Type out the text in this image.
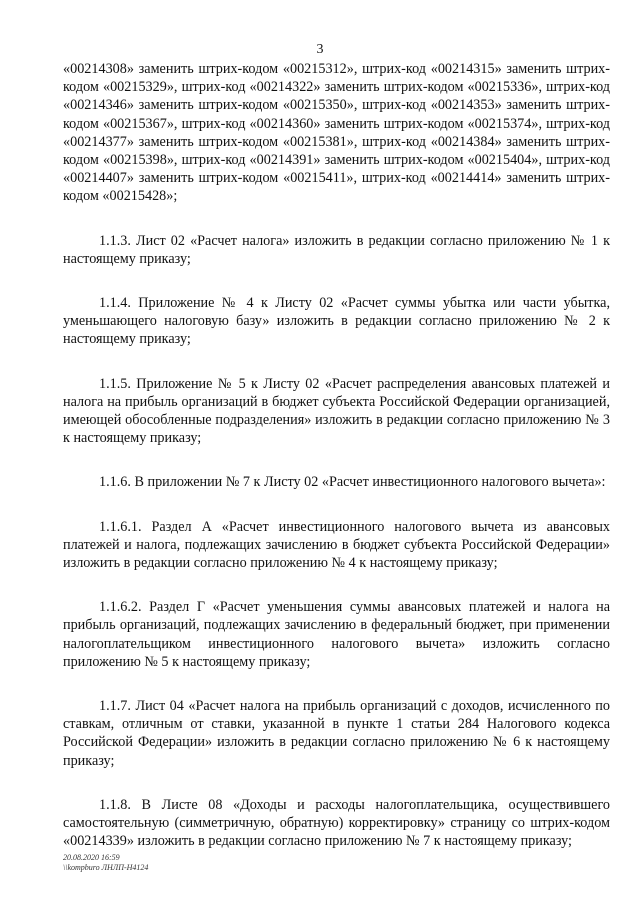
3

«00214308» заменить штрих-кодом «00215312», штрих-код «00214315» заменить штрих-кодом «00215329», штрих-код «00214322» заменить штрих-кодом «00215336», штрих-код «00214346» заменить штрих-кодом «00215350», штрих-код «00214353» заменить штрих-кодом «00215367», штрих-код «00214360» заменить штрих-кодом «00215374», штрих-код «00214377» заменить штрих-кодом «00215381», штрих-код «00214384» заменить штрих-кодом «00215398», штрих-код «00214391» заменить штрих-кодом «00215404», штрих-код «00214407» заменить штрих-кодом «00215411», штрих-код «00214414» заменить штрих-кодом «00215428»;

1.1.3. Лист 02 «Расчет налога» изложить в редакции согласно приложению № 1 к настоящему приказу;

1.1.4. Приложение № 4 к Листу 02 «Расчет суммы убытка или части убытка, уменьшающего налоговую базу» изложить в редакции согласно приложению № 2 к настоящему приказу;

1.1.5. Приложение № 5 к Листу 02 «Расчет распределения авансовых платежей и налога на прибыль организаций в бюджет субъекта Российской Федерации организацией, имеющей обособленные подразделения» изложить в редакции согласно приложению № 3 к настоящему приказу;

1.1.6. В приложении № 7 к Листу 02 «Расчет инвестиционного налогового вычета»:

1.1.6.1. Раздел А «Расчет инвестиционного налогового вычета из авансовых платежей и налога, подлежащих зачислению в бюджет субъекта Российской Федерации» изложить в редакции согласно приложению № 4 к настоящему приказу;

1.1.6.2. Раздел Г «Расчет уменьшения суммы авансовых платежей и налога на прибыль организаций, подлежащих зачислению в федеральный бюджет, при применении налогоплательщиком инвестиционного налогового вычета» изложить согласно приложению № 5 к настоящему приказу;

1.1.7. Лист 04 «Расчет налога на прибыль организаций с доходов, исчисленного по ставкам, отличным от ставки, указанной в пункте 1 статьи 284 Налогового кодекса Российской Федерации» изложить в редакции согласно приложению № 6 к настоящему приказу;

1.1.8. В Листе 08 «Доходы и расходы налогоплательщика, осуществившего самостоятельную (симметричную, обратную) корректировку» страницу со штрих-кодом «00214339» изложить в редакции согласно приложению № 7 к настоящему приказу;

20.08.2020 16:59
\\kompburo ЛНЛП-Н4124
